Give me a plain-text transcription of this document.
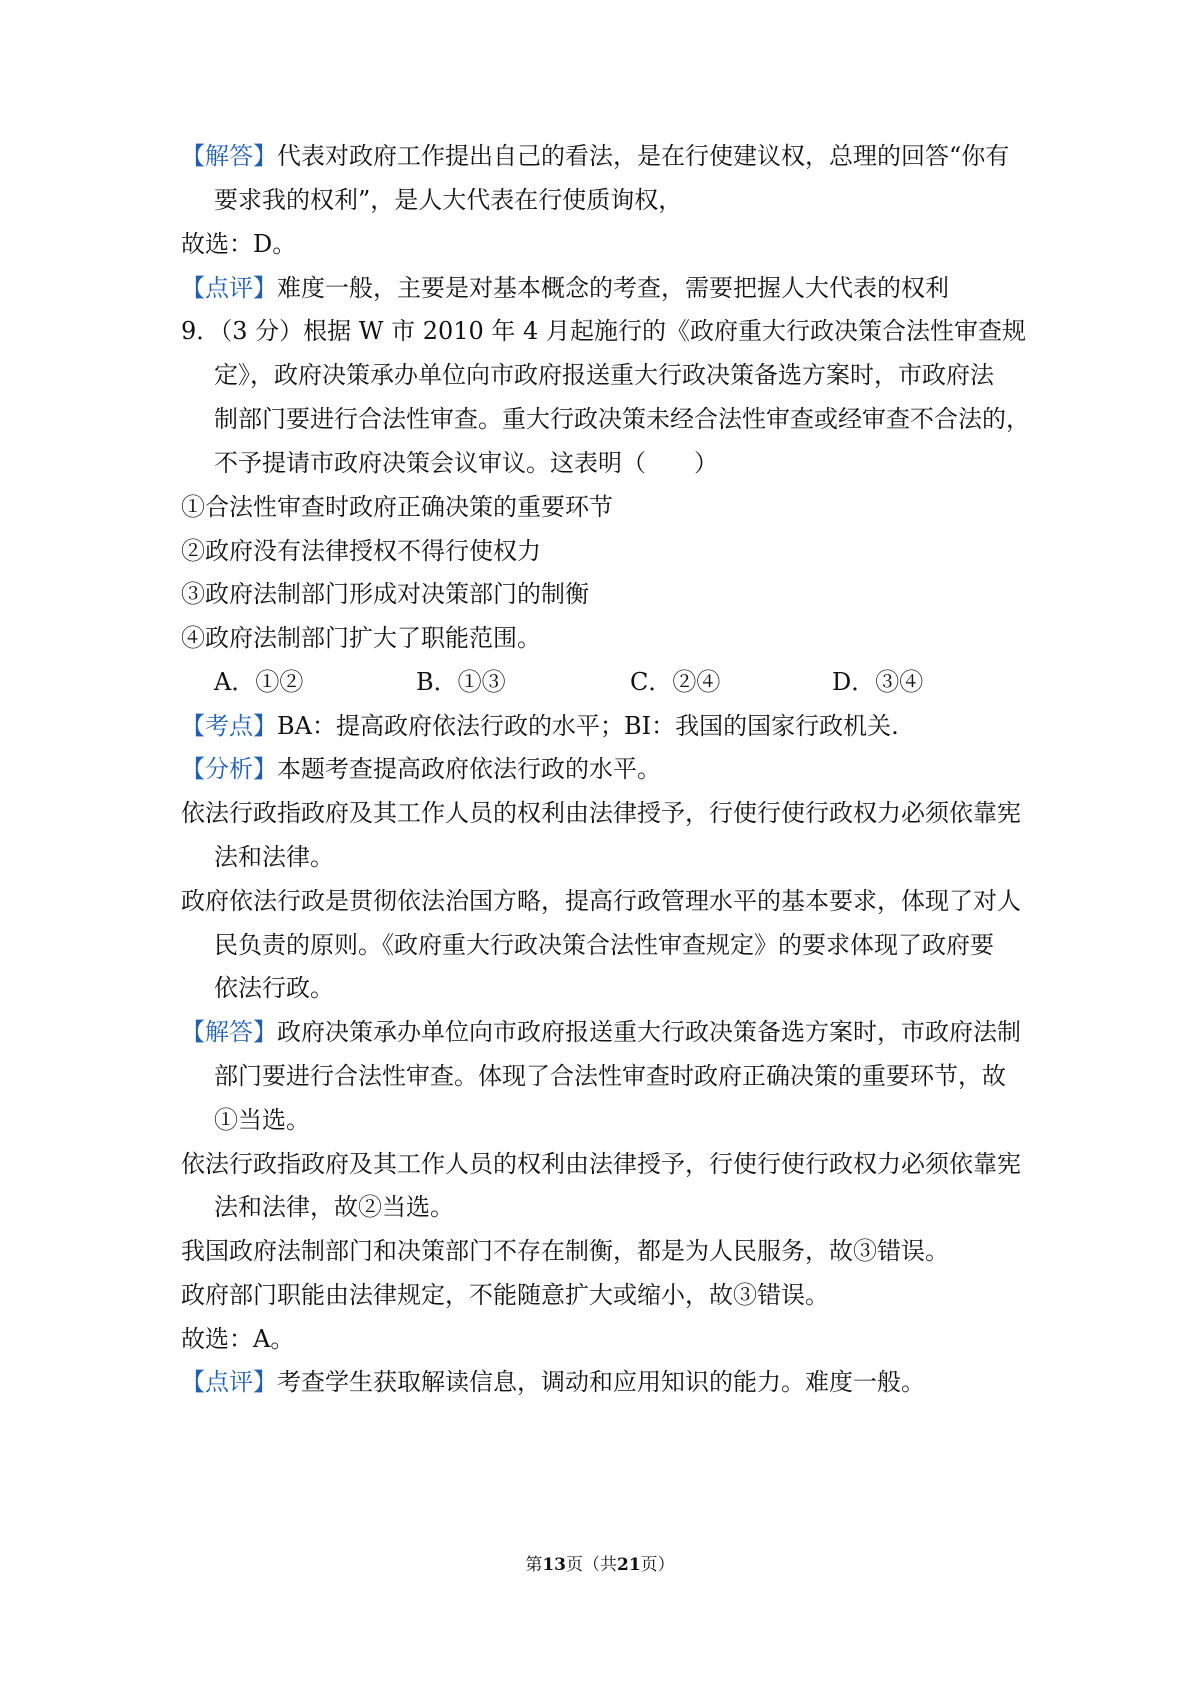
【解答】代表对政府工作提出自己的看法，是在行使建议权，总理的回答“你有
要求我的权利”，是人大代表在行使质询权，
故选：D。
【点评】难度一般，主要是对基本概念的考查，需要把握人大代表的权利
9．（3 分）根据 W 市 2010 年 4 月起施行的《政府重大行政决策合法性审查规
定》，政府决策承办单位向市政府报送重大行政决策备选方案时，市政府法
制部门要进行合法性审查。重大行政决策未经合法性审查或经审查不合法的，
不予提请市政府决策会议审议。这表明（　　）
①合法性审查时政府正确决策的重要环节
②政府没有法律授权不得行使权力
③政府法制部门形成对决策部门的制衡
④政府法制部门扩大了职能范围。
A．①②	B．①③	C．②④	D．③④
【考点】BA：提高政府依法行政的水平；BI：我国的国家行政机关.
【分析】本题考查提高政府依法行政的水平。
依法行政指政府及其工作人员的权利由法律授予，行使行使行政权力必须依靠宪
法和法律。
政府依法行政是贯彻依法治国方略，提高行政管理水平的基本要求，体现了对人
民负责的原则。《政府重大行政决策合法性审查规定》的要求体现了政府要
依法行政。
【解答】政府决策承办单位向市政府报送重大行政决策备选方案时，市政府法制
部门要进行合法性审查。体现了合法性审查时政府正确决策的重要环节，故
①当选。
依法行政指政府及其工作人员的权利由法律授予，行使行使行政权力必须依靠宪
法和法律，故②当选。
我国政府法制部门和决策部门不存在制衡，都是为人民服务，故③错误。
政府部门职能由法律规定，不能随意扩大或缩小，故③错误。
故选：A。
【点评】考查学生获取解读信息，调动和应用知识的能力。难度一般。
第13页（共21页）
